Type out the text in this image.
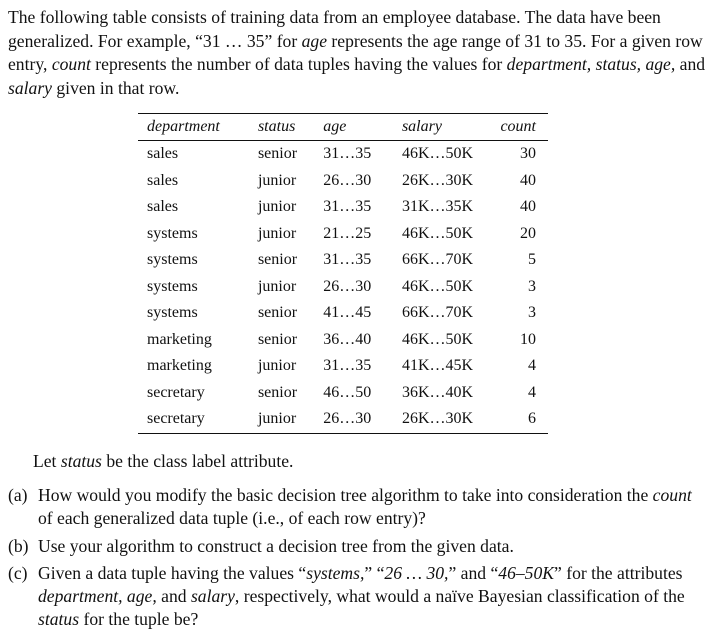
The following table consists of training data from an employee database. The data have been generalized. For example, “31 … 35” for age represents the age range of 31 to 35. For a given row entry, count represents the number of data tuples having the values for department, status, age, and salary given in that row.

department	status	age	salary	count
sales	senior	31…35	46K…50K	30
sales	junior	26…30	26K…30K	40
sales	junior	31…35	31K…35K	40
systems	junior	21…25	46K…50K	20
systems	senior	31…35	66K…70K	5
systems	junior	26…30	46K…50K	3
systems	senior	41…45	66K…70K	3
marketing	senior	36…40	46K…50K	10
marketing	junior	31…35	41K…45K	4
secretary	senior	46…50	36K…40K	4
secretary	junior	26…30	26K…30K	6

Let status be the class label attribute.

(a) How would you modify the basic decision tree algorithm to take into consideration the count of each generalized data tuple (i.e., of each row entry)?
(b) Use your algorithm to construct a decision tree from the given data.
(c) Given a data tuple having the values “systems,” “26 … 30,” and “46–50K” for the attributes department, age, and salary, respectively, what would a naïve Bayesian classification of the status for the tuple be?
